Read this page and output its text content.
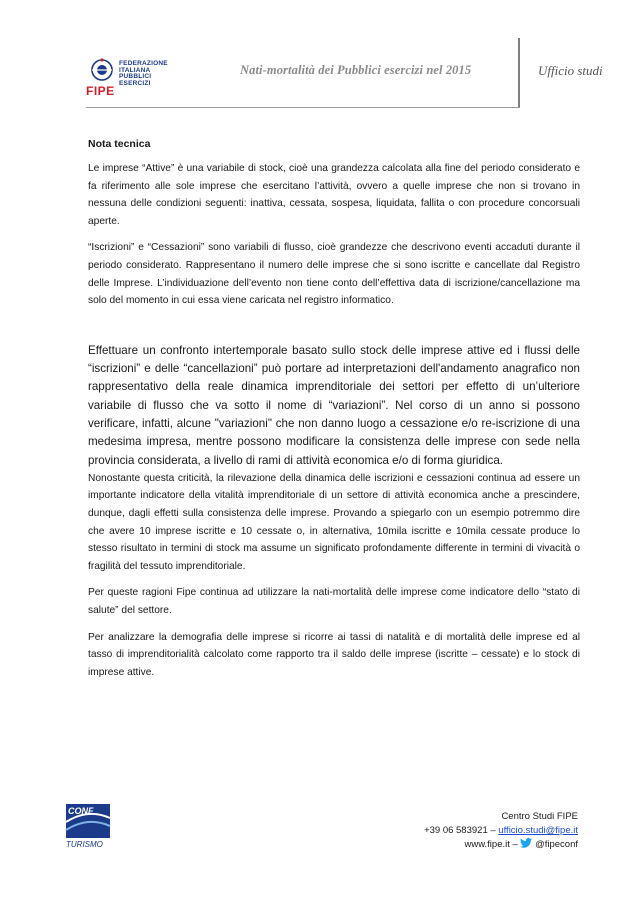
FEDERAZIONE
ITALIANA
PUBBLICI
ESERCIZI
FIPE
Nati-mortalità dei Pubblici esercizi nel 2015	Ufficio studi
Nota tecnica

Le imprese “Attive” è una variabile di stock, cioè una grandezza calcolata alla fine del periodo considerato e fa riferimento alle sole imprese che esercitano l’attività, ovvero a quelle imprese che non si trovano in nessuna delle condizioni seguenti: inattiva, cessata, sospesa, liquidata, fallita o con procedure concorsuali aperte.

“Iscrizioni” e “Cessazioni” sono variabili di flusso, cioè grandezze che descrivono eventi accaduti durante il periodo considerato. Rappresentano il numero delle imprese che si sono iscritte e cancellate dal Registro delle Imprese. L’individuazione dell’evento non tiene conto dell’effettiva data di iscrizione/cancellazione ma solo del momento in cui essa viene caricata nel registro informatico.

Effettuare un confronto intertemporale basato sullo stock delle imprese attive ed i flussi delle “iscrizioni” e delle “cancellazioni” può portare ad interpretazioni dell'andamento anagrafico non rappresentativo della reale dinamica imprenditoriale dei settori per effetto di un’ulteriore variabile di flusso che va sotto il nome di “variazioni”. Nel corso di un anno si possono verificare, infatti, alcune "variazioni" che non danno luogo a cessazione e/o re-iscrizione di una medesima impresa, mentre possono modificare la consistenza delle imprese con sede nella provincia considerata, a livello di rami di attività economica e/o di forma giuridica.

Nonostante questa criticità, la rilevazione della dinamica delle iscrizioni e cessazioni continua ad essere un importante indicatore della vitalità imprenditoriale di un settore di attività economica anche a prescindere, dunque, dagli effetti sulla consistenza delle imprese. Provando a spiegarlo con un esempio potremmo dire che avere 10 imprese iscritte e 10 cessate o, in alternativa, 10mila iscritte e 10mila cessate produce lo stesso risultato in termini di stock ma assume un significato profondamente differente in termini di vivacità o fragilità del tessuto imprenditoriale.

Per queste ragioni Fipe continua ad utilizzare la nati-mortalità delle imprese come indicatore dello “stato di salute” del settore.

Per analizzare la demografia delle imprese si ricorre ai tassi di natalità e di mortalità delle imprese ed al tasso di imprenditorialità calcolato come rapporto tra il saldo delle imprese (iscritte – cessate) e lo stock di imprese attive.

CONF
TURISMO
Centro Studi FIPE
+39 06 583921 – ufficio.studi@fipe.it
www.fipe.it –  @fipeconf
